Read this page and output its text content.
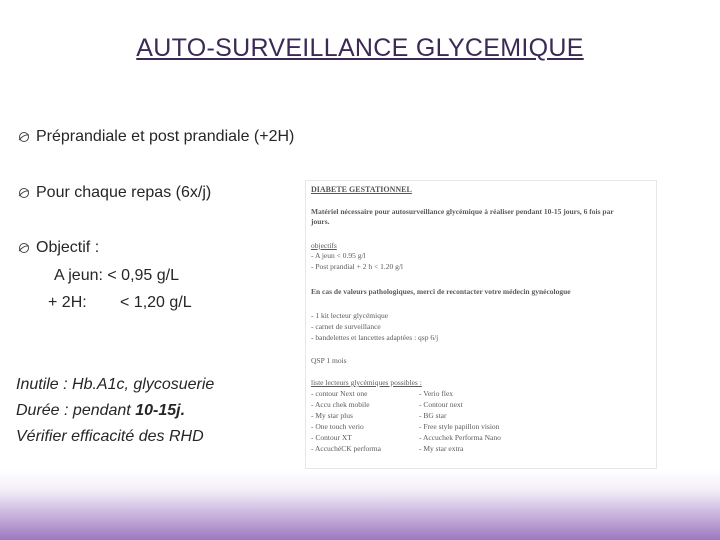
AUTO-SURVEILLANCE GLYCEMIQUE
Préprandiale et post prandiale (+2H)
Pour chaque repas (6x/j)
Objectif :
A jeun: < 0,95 g/L
+ 2H: < 1,20 g/L
Inutile : Hb.A1c, glycosuerie
Durée : pendant 10-15j.
Vérifier efficacité des RHD
DIABETE GESTATIONNEL
Matériel nécessaire pour autosurveillance glycémique à réaliser pendant 10-15 jours, 6 fois par
jours.
objectifs
- A jeun < 0.95 g/l
- Post prandial + 2 h < 1.20 g/l
En cas de valeurs pathologiques, merci de recontacter votre médecin gynécologue
- 1 kit lecteur glycémique
- carnet de surveillance
- bandelettes et lancettes adaptées : qsp 6/j
QSP 1 mois
liste lecteurs glycémiques possibles :
- contour Next one
- Accu chek mobile
- My star plus
- One touch verio
- Contour XT
- AccuchéCK performa
- Verio flex
- Contour next
- BG star
- Free style papillon vision
- Accuchek Performa Nano
- My star extra
